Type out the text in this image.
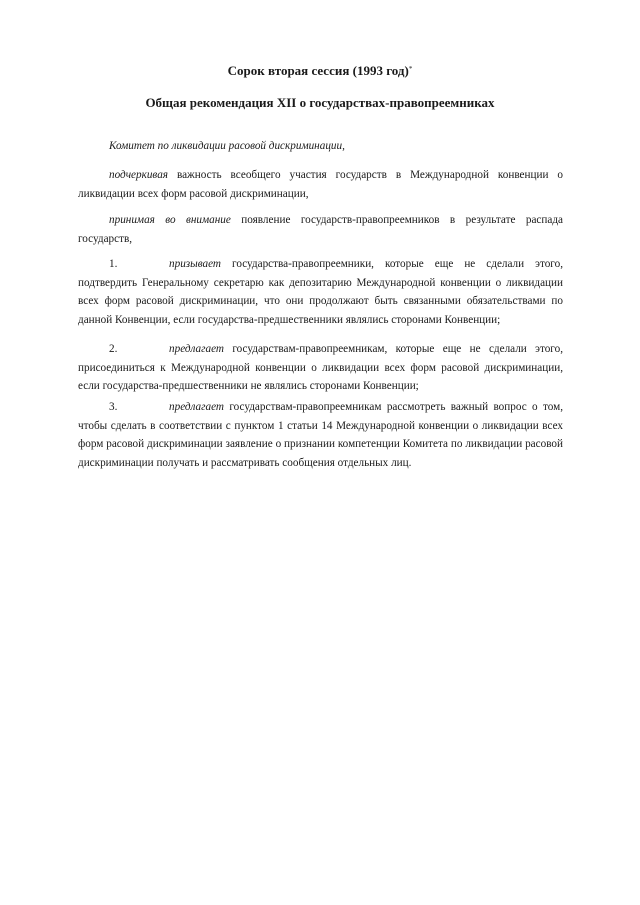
Сорок вторая сессия (1993 год)*
Общая рекомендация XII о государствах-правопреемниках

Комитет по ликвидации расовой дискриминации,

подчеркивая важность всеобщего участия государств в Международной конвенции о ликвидации всех форм расовой дискриминации,

принимая во внимание появление государств-правопреемников в результате распада государств,

1.	призывает государства-правопреемники, которые еще не сделали этого, подтвердить Генеральному секретарю как депозитарию Международной конвенции о ликвидации всех форм расовой дискриминации, что они продолжают быть связанными обязательствами по данной Конвенции, если государства-предшественники являлись сторонами Конвенции;

2.	предлагает государствам-правопреемникам, которые еще не сделали этого, присоединиться к Международной конвенции о ликвидации всех форм расовой дискриминации, если государства-предшественники не являлись сторонами Конвенции;

3.	предлагает государствам-правопреемникам рассмотреть важный вопрос о том, чтобы сделать в соответствии с пунктом 1 статьи 14 Международной конвенции о ликвидации всех форм расовой дискриминации заявление о признании компетенции Комитета по ликвидации расовой дискриминации получать и рассматривать сообщения отдельных лиц.
